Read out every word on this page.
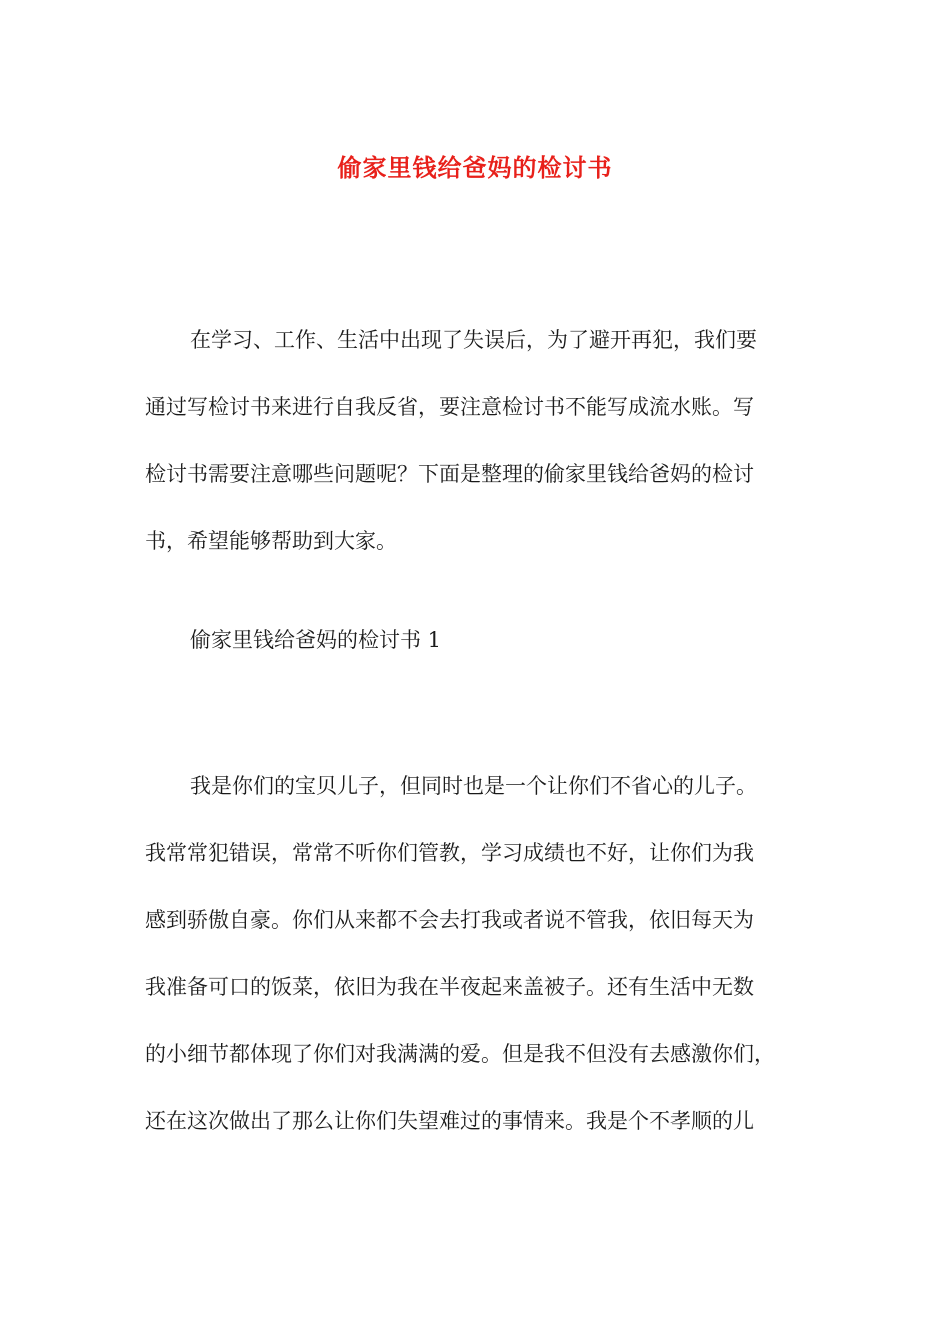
偷家里钱给爸妈的检讨书
在学习、工作、生活中出现了失误后，为了避开再犯，我们要
通过写检讨书来进行自我反省，要注意检讨书不能写成流水账。写
检讨书需要注意哪些问题呢？下面是整理的偷家里钱给爸妈的检讨
书，希望能够帮助到大家。
偷家里钱给爸妈的检讨书 1
我是你们的宝贝儿子，但同时也是一个让你们不省心的儿子。
我常常犯错误，常常不听你们管教，学习成绩也不好，让你们为我
感到骄傲自豪。你们从来都不会去打我或者说不管我，依旧每天为
我准备可口的饭菜，依旧为我在半夜起来盖被子。还有生活中无数
的小细节都体现了你们对我满满的爱。但是我不但没有去感激你们，
还在这次做出了那么让你们失望难过的事情来。我是个不孝顺的儿
